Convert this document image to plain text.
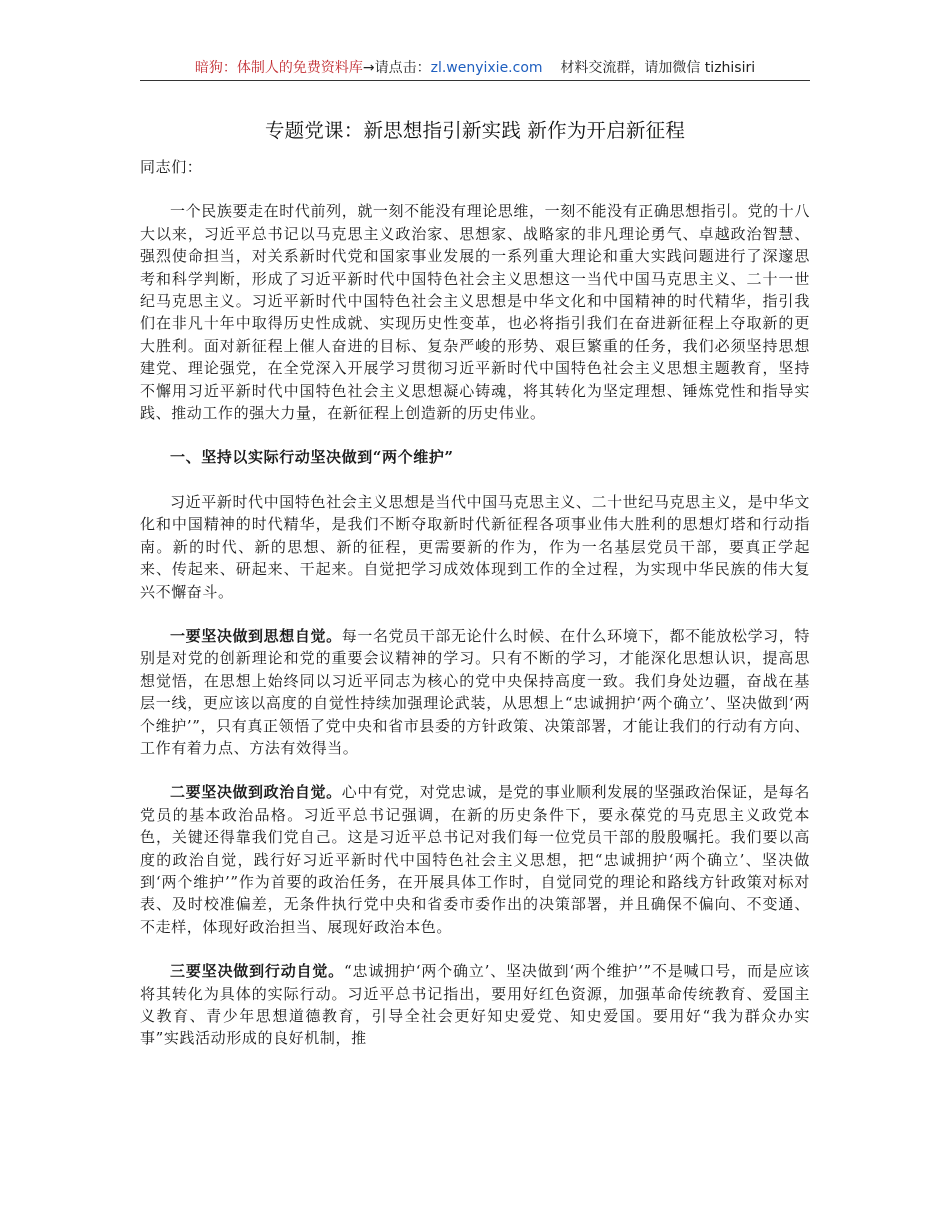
暗狗：体制人的免费资料库→请点击：zl.wenyixie.com 材料交流群，请加微信 tizhisiri
专题党课：新思想指引新实践 新作为开启新征程

同志们：

一个民族要走在时代前列，就一刻不能没有理论思维，一刻不能没有正确思想指引。党的十八大以来，习近平总书记以马克思主义政治家、思想家、战略家的非凡理论勇气、卓越政治智慧、强烈使命担当，对关系新时代党和国家事业发展的一系列重大理论和重大实践问题进行了深邃思考和科学判断，形成了习近平新时代中国特色社会主义思想这一当代中国马克思主义、二十一世纪马克思主义。习近平新时代中国特色社会主义思想是中华文化和中国精神的时代精华，指引我们在非凡十年中取得历史性成就、实现历史性变革，也必将指引我们在奋进新征程上夺取新的更大胜利。面对新征程上催人奋进的目标、复杂严峻的形势、艰巨繁重的任务，我们必须坚持思想建党、理论强党，在全党深入开展学习贯彻习近平新时代中国特色社会主义思想主题教育，坚持不懈用习近平新时代中国特色社会主义思想凝心铸魂，将其转化为坚定理想、锤炼党性和指导实践、推动工作的强大力量，在新征程上创造新的历史伟业。

一、坚持以实际行动坚决做到“两个维护”

习近平新时代中国特色社会主义思想是当代中国马克思主义、二十世纪马克思主义，是中华文化和中国精神的时代精华，是我们不断夺取新时代新征程各项事业伟大胜利的思想灯塔和行动指南。新的时代、新的思想、新的征程，更需要新的作为，作为一名基层党员干部，要真正学起来、传起来、研起来、干起来。自觉把学习成效体现到工作的全过程，为实现中华民族的伟大复兴不懈奋斗。

一要坚决做到思想自觉。每一名党员干部无论什么时候、在什么环境下，都不能放松学习，特别是对党的创新理论和党的重要会议精神的学习。只有不断的学习，才能深化思想认识，提高思想觉悟，在思想上始终同以习近平同志为核心的党中央保持高度一致。我们身处边疆，奋战在基层一线，更应该以高度的自觉性持续加强理论武装，从思想上“忠诚拥护‘两个确立’、坚决做到‘两个维护’”，只有真正领悟了党中央和省市县委的方针政策、决策部署，才能让我们的行动有方向、工作有着力点、方法有效得当。

二要坚决做到政治自觉。心中有党，对党忠诚，是党的事业顺利发展的坚强政治保证，是每名党员的基本政治品格。习近平总书记强调，在新的历史条件下，要永葆党的马克思主义政党本色，关键还得靠我们党自己。这是习近平总书记对我们每一位党员干部的殷殷嘱托。我们要以高度的政治自觉，践行好习近平新时代中国特色社会主义思想，把“忠诚拥护‘两个确立’、坚决做到‘两个维护’”作为首要的政治任务，在开展具体工作时，自觉同党的理论和路线方针政策对标对表、及时校准偏差，无条件执行党中央和省委市委作出的决策部署，并且确保不偏向、不变通、不走样，体现好政治担当、展现好政治本色。

三要坚决做到行动自觉。“忠诚拥护‘两个确立’、坚决做到‘两个维护’”不是喊口号，而是应该将其转化为具体的实际行动。习近平总书记指出，要用好红色资源，加强革命传统教育、爱国主义教育、青少年思想道德教育，引导全社会更好知史爱党、知史爱国。要用好“我为群众办实事”实践活动形成的良好机制，推
